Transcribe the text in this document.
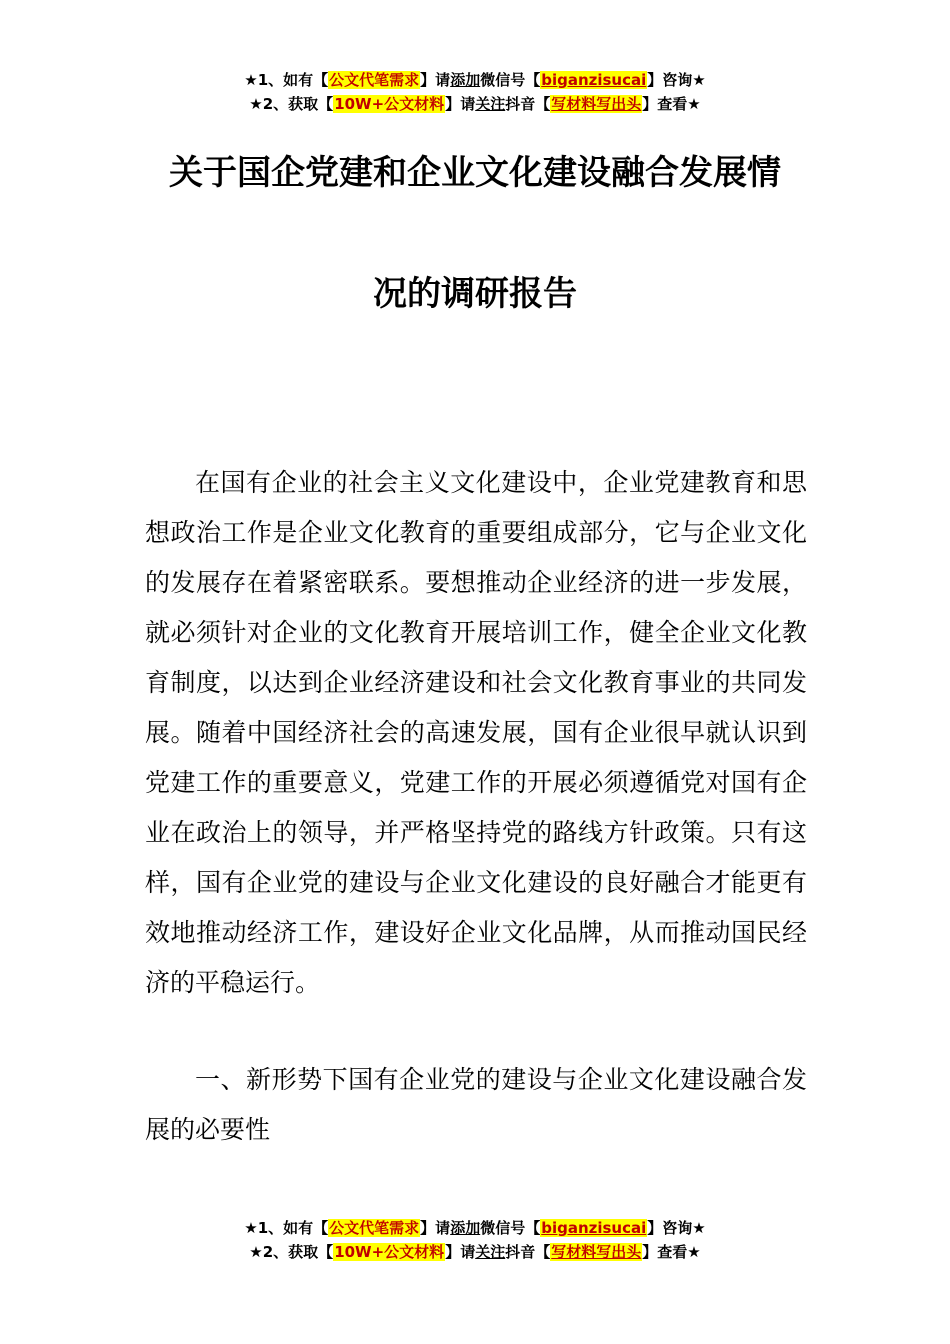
★1、如有【公文代笔需求】请添加微信号【biganzisucai】咨询★
★2、获取【10W+公文材料】请关注抖音【写材料写出头】查看★
关于国企党建和企业文化建设融合发展情
况的调研报告

在国有企业的社会主义文化建设中，企业党建教育和思想政治工作是企业文化教育的重要组成部分，它与企业文化的发展存在着紧密联系。要想推动企业经济的进一步发展，就必须针对企业的文化教育开展培训工作，健全企业文化教育制度，以达到企业经济建设和社会文化教育事业的共同发展。随着中国经济社会的高速发展，国有企业很早就认识到党建工作的重要意义，党建工作的开展必须遵循党对国有企业在政治上的领导，并严格坚持党的路线方针政策。只有这样，国有企业党的建设与企业文化建设的良好融合才能更有效地推动经济工作，建设好企业文化品牌，从而推动国民经济的平稳运行。

一、新形势下国有企业党的建设与企业文化建设融合发展的必要性

★1、如有【公文代笔需求】请添加微信号【biganzisucai】咨询★
★2、获取【10W+公文材料】请关注抖音【写材料写出头】查看★
